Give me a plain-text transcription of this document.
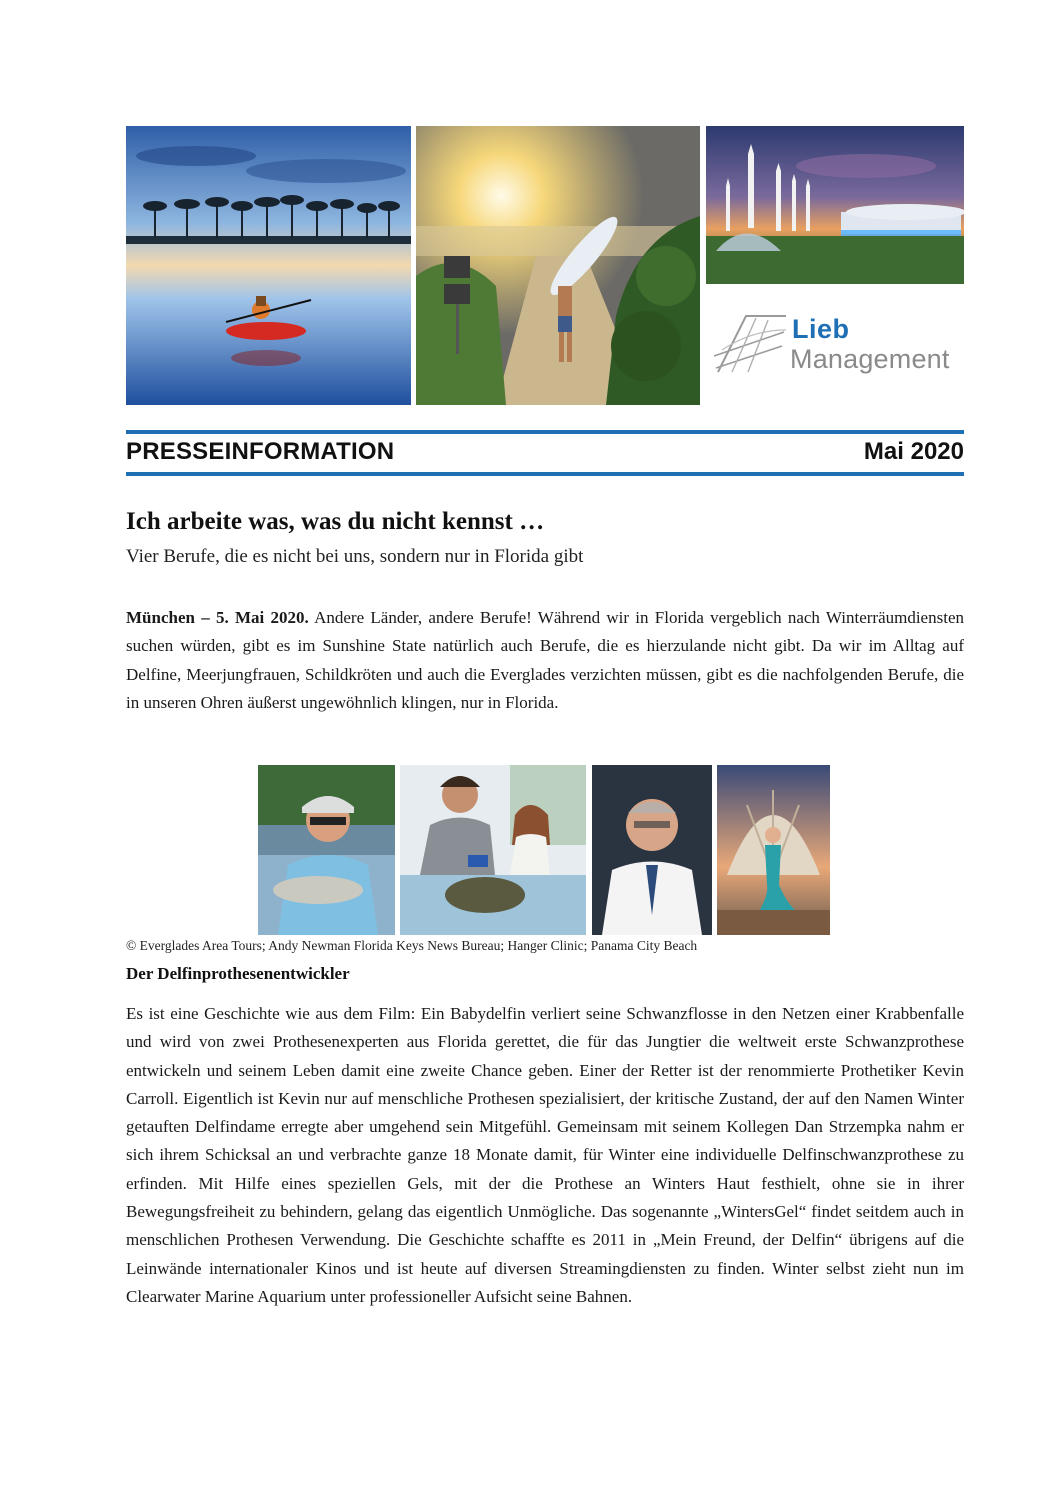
Lieb
Management
PRESSEINFORMATION	Mai 2020
Ich arbeite was, was du nicht kennst …
Vier Berufe, die es nicht bei uns, sondern nur in Florida gibt
München – 5. Mai 2020. Andere Länder, andere Berufe! Während wir in Florida vergeblich nach Winterräumdiensten suchen würden, gibt es im Sunshine State natürlich auch Berufe, die es hierzulande nicht gibt. Da wir im Alltag auf Delfine, Meerjungfrauen, Schildkröten und auch die Everglades verzichten müssen, gibt es die nachfolgenden Berufe, die in unseren Ohren äußerst ungewöhnlich klingen, nur in Florida.
© Everglades Area Tours; Andy Newman Florida Keys News Bureau; Hanger Clinic; Panama City Beach
Der Delfinprothesenentwickler
Es ist eine Geschichte wie aus dem Film: Ein Babydelfin verliert seine Schwanzflosse in den Netzen einer Krabbenfalle und wird von zwei Prothesenexperten aus Florida gerettet, die für das Jungtier die weltweit erste Schwanzprothese entwickeln und seinem Leben damit eine zweite Chance geben. Einer der Retter ist der renommierte Prothetiker Kevin Carroll. Eigentlich ist Kevin nur auf menschliche Prothesen spezialisiert, der kritische Zustand, der auf den Namen Winter getauften Delfindame erregte aber umgehend sein Mitgefühl. Gemeinsam mit seinem Kollegen Dan Strzempka nahm er sich ihrem Schicksal an und verbrachte ganze 18 Monate damit, für Winter eine individuelle Delfinschwanzprothese zu erfinden. Mit Hilfe eines speziellen Gels, mit der die Prothese an Winters Haut festhielt, ohne sie in ihrer Bewegungsfreiheit zu behindern, gelang das eigentlich Unmögliche. Das sogenannte „WintersGel“ findet seitdem auch in menschlichen Prothesen Verwendung. Die Geschichte schaffte es 2011 in „Mein Freund, der Delfin“ übrigens auf die Leinwände internationaler Kinos und ist heute auf diversen Streamingdiensten zu finden. Winter selbst zieht nun im Clearwater Marine Aquarium unter professioneller Aufsicht seine Bahnen.
